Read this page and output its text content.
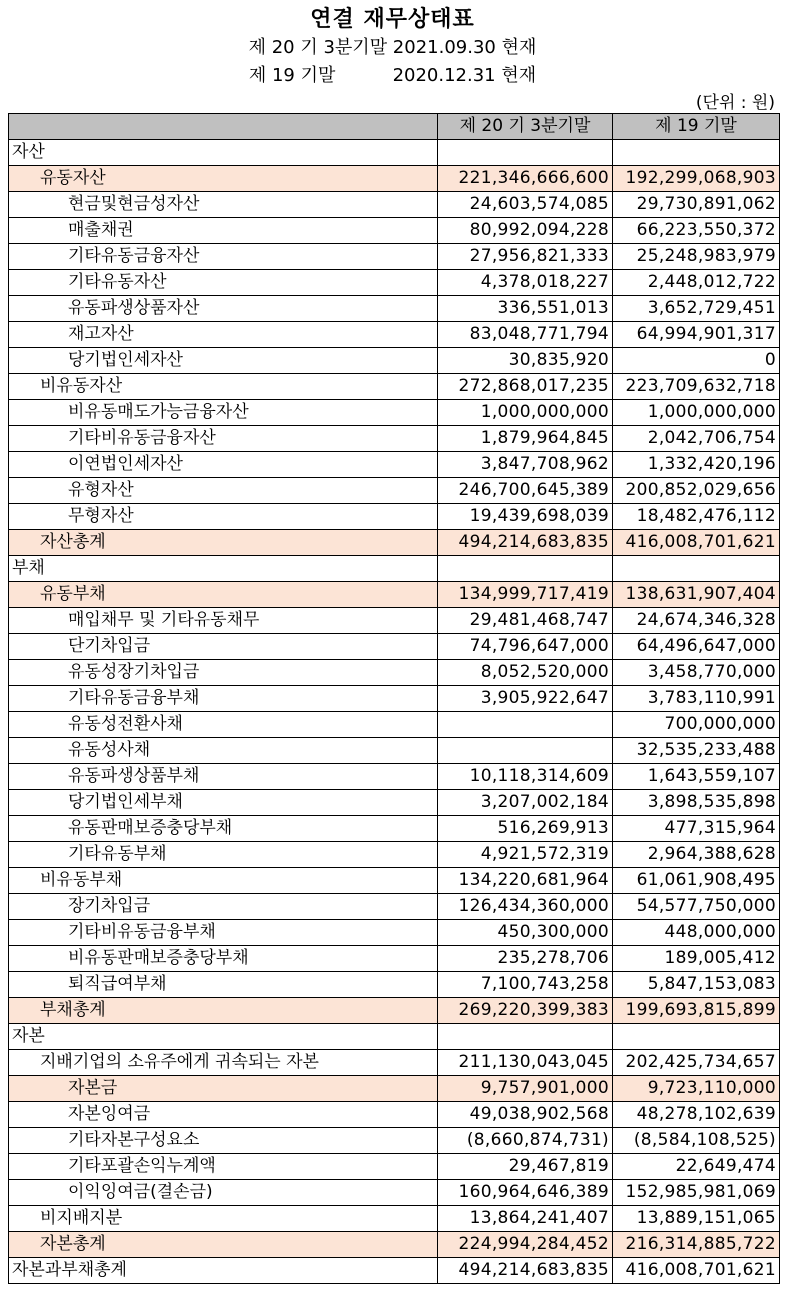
연결 재무상태표
제 20 기 3분기말 2021.09.30 현재
제 19 기말          2020.12.31 현재
(단위 : 원)
	제 20 기 3분기말	제 19 기말
자산		
유동자산	221,346,666,600	192,299,068,903
현금및현금성자산	24,603,574,085	29,730,891,062
매출채권	80,992,094,228	66,223,550,372
기타유동금융자산	27,956,821,333	25,248,983,979
기타유동자산	4,378,018,227	2,448,012,722
유동파생상품자산	336,551,013	3,652,729,451
재고자산	83,048,771,794	64,994,901,317
당기법인세자산	30,835,920	0
비유동자산	272,868,017,235	223,709,632,718
비유동매도가능금융자산	1,000,000,000	1,000,000,000
기타비유동금융자산	1,879,964,845	2,042,706,754
이연법인세자산	3,847,708,962	1,332,420,196
유형자산	246,700,645,389	200,852,029,656
무형자산	19,439,698,039	18,482,476,112
자산총계	494,214,683,835	416,008,701,621
부채		
유동부채	134,999,717,419	138,631,907,404
매입채무 및 기타유동채무	29,481,468,747	24,674,346,328
단기차입금	74,796,647,000	64,496,647,000
유동성장기차입금	8,052,520,000	3,458,770,000
기타유동금융부채	3,905,922,647	3,783,110,991
유동성전환사채		700,000,000
유동성사채		32,535,233,488
유동파생상품부채	10,118,314,609	1,643,559,107
당기법인세부채	3,207,002,184	3,898,535,898
유동판매보증충당부채	516,269,913	477,315,964
기타유동부채	4,921,572,319	2,964,388,628
비유동부채	134,220,681,964	61,061,908,495
장기차입금	126,434,360,000	54,577,750,000
기타비유동금융부채	450,300,000	448,000,000
비유동판매보증충당부채	235,278,706	189,005,412
퇴직급여부채	7,100,743,258	5,847,153,083
부채총계	269,220,399,383	199,693,815,899
자본		
지배기업의 소유주에게 귀속되는 자본	211,130,043,045	202,425,734,657
자본금	9,757,901,000	9,723,110,000
자본잉여금	49,038,902,568	48,278,102,639
기타자본구성요소	(8,660,874,731)	(8,584,108,525)
기타포괄손익누계액	29,467,819	22,649,474
이익잉여금(결손금)	160,964,646,389	152,985,981,069
비지배지분	13,864,241,407	13,889,151,065
자본총계	224,994,284,452	216,314,885,722
자본과부채총계	494,214,683,835	416,008,701,621
